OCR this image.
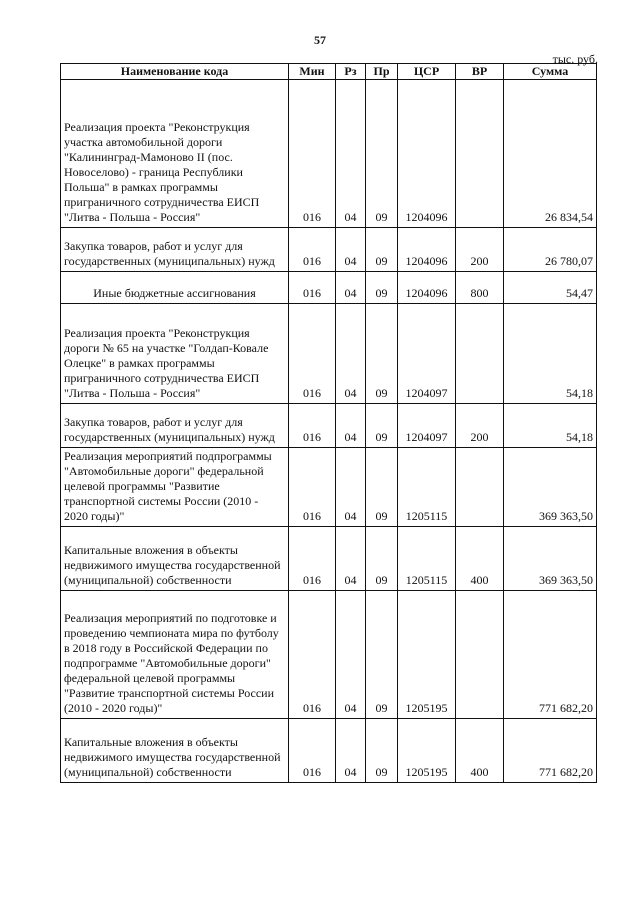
57
тыс. руб.
Наименование кода	Мин	Рз	Пр	ЦСР	ВР	Сумма
Реализация проекта "Реконструкция участка автомобильной дороги "Калининград-Мамоново II (пос. Новоселово) - граница Республики Польша" в рамках программы приграничного сотрудничества ЕИСП "Литва - Польша - Россия"	016	04	09	1204096		26 834,54
Закупка товаров, работ и услуг для государственных (муниципальных) нужд	016	04	09	1204096	200	26 780,07
Иные бюджетные ассигнования	016	04	09	1204096	800	54,47
Реализация проекта "Реконструкция дороги № 65 на участке "Голдап-Ковале Олецке" в рамках программы приграничного сотрудничества ЕИСП "Литва - Польша - Россия"	016	04	09	1204097		54,18
Закупка товаров, работ и услуг для государственных (муниципальных) нужд	016	04	09	1204097	200	54,18
Реализация мероприятий подпрограммы "Автомобильные дороги" федеральной целевой программы "Развитие транспортной системы России (2010 - 2020 годы)"	016	04	09	1205115		369 363,50
Капитальные вложения в объекты недвижимого имущества государственной (муниципальной) собственности	016	04	09	1205115	400	369 363,50
Реализация мероприятий по подготовке и проведению чемпионата мира по футболу в 2018 году в Российской Федерации по подпрограмме "Автомобильные дороги" федеральной целевой программы "Развитие транспортной системы России (2010 - 2020 годы)"	016	04	09	1205195		771 682,20
Капитальные вложения в объекты недвижимого имущества государственной (муниципальной) собственности	016	04	09	1205195	400	771 682,20
